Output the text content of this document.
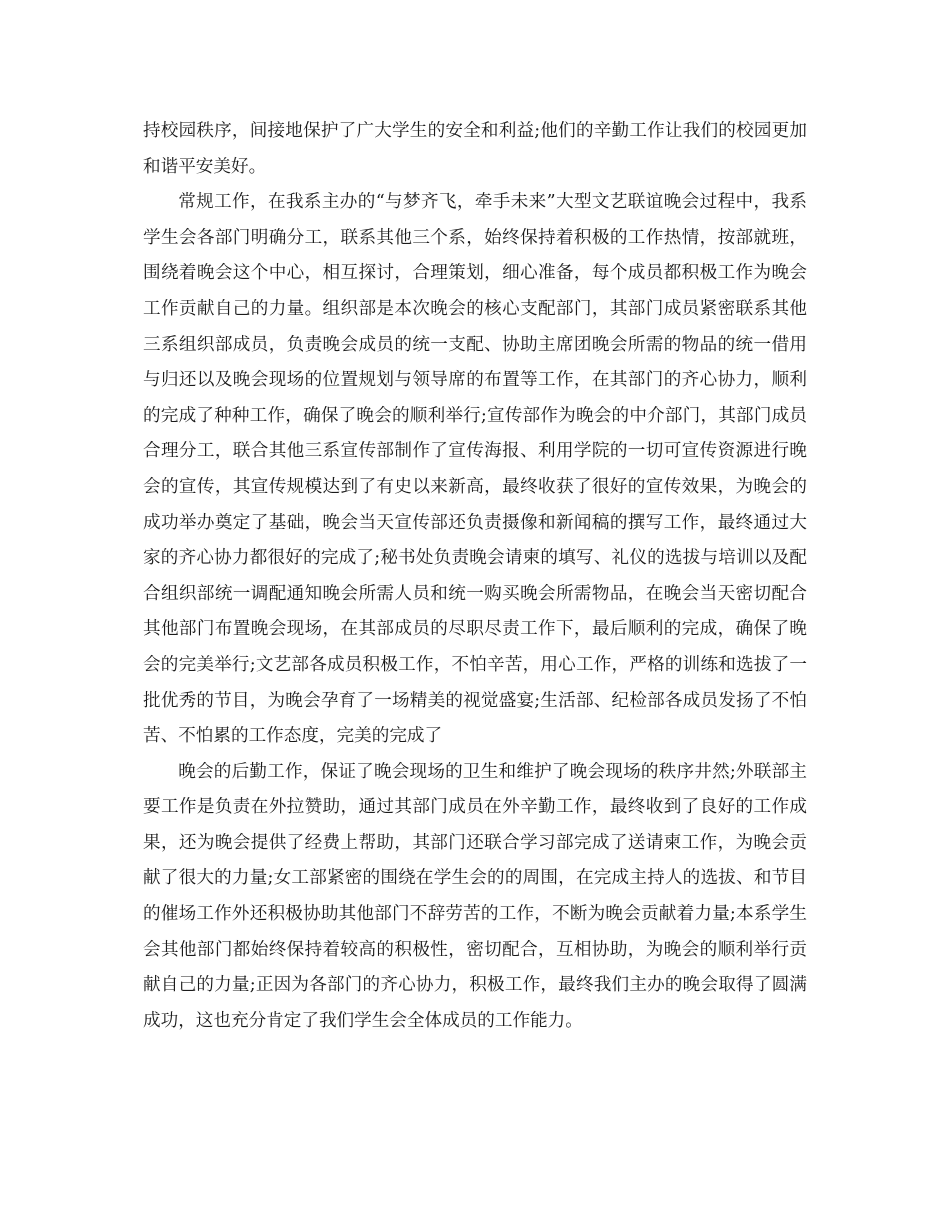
持校园秩序，间接地保护了广大学生的安全和利益;他们的辛勤工作让我们的校园更加和谐平安美好。

常规工作，在我系主办的“与梦齐飞，牵手未来”大型文艺联谊晚会过程中，我系学生会各部门明确分工，联系其他三个系，始终保持着积极的工作热情，按部就班，围绕着晚会这个中心，相互探讨，合理策划，细心准备，每个成员都积极工作为晚会工作贡献自己的力量。组织部是本次晚会的核心支配部门，其部门成员紧密联系其他三系组织部成员，负责晚会成员的统一支配、协助主席团晚会所需的物品的统一借用与归还以及晚会现场的位置规划与领导席的布置等工作，在其部门的齐心协力，顺利的完成了种种工作，确保了晚会的顺利举行;宣传部作为晚会的中介部门，其部门成员合理分工，联合其他三系宣传部制作了宣传海报、利用学院的一切可宣传资源进行晚会的宣传，其宣传规模达到了有史以来新高，最终收获了很好的宣传效果，为晚会的成功举办奠定了基础，晚会当天宣传部还负责摄像和新闻稿的撰写工作，最终通过大家的齐心协力都很好的完成了;秘书处负责晚会请柬的填写、礼仪的选拔与培训以及配合组织部统一调配通知晚会所需人员和统一购买晚会所需物品，在晚会当天密切配合其他部门布置晚会现场，在其部成员的尽职尽责工作下，最后顺利的完成，确保了晚会的完美举行;文艺部各成员积极工作，不怕辛苦，用心工作，严格的训练和选拔了一批优秀的节目，为晚会孕育了一场精美的视觉盛宴;生活部、纪检部各成员发扬了不怕苦、不怕累的工作态度，完美的完成了

晚会的后勤工作，保证了晚会现场的卫生和维护了晚会现场的秩序井然;外联部主要工作是负责在外拉赞助，通过其部门成员在外辛勤工作，最终收到了良好的工作成果，还为晚会提供了经费上帮助，其部门还联合学习部完成了送请柬工作，为晚会贡献了很大的力量;女工部紧密的围绕在学生会的的周围，在完成主持人的选拔、和节目的催场工作外还积极协助其他部门不辞劳苦的工作，不断为晚会贡献着力量;本系学生会其他部门都始终保持着较高的积极性，密切配合，互相协助，为晚会的顺利举行贡献自己的力量;正因为各部门的齐心协力，积极工作，最终我们主办的晚会取得了圆满成功，这也充分肯定了我们学生会全体成员的工作能力。
